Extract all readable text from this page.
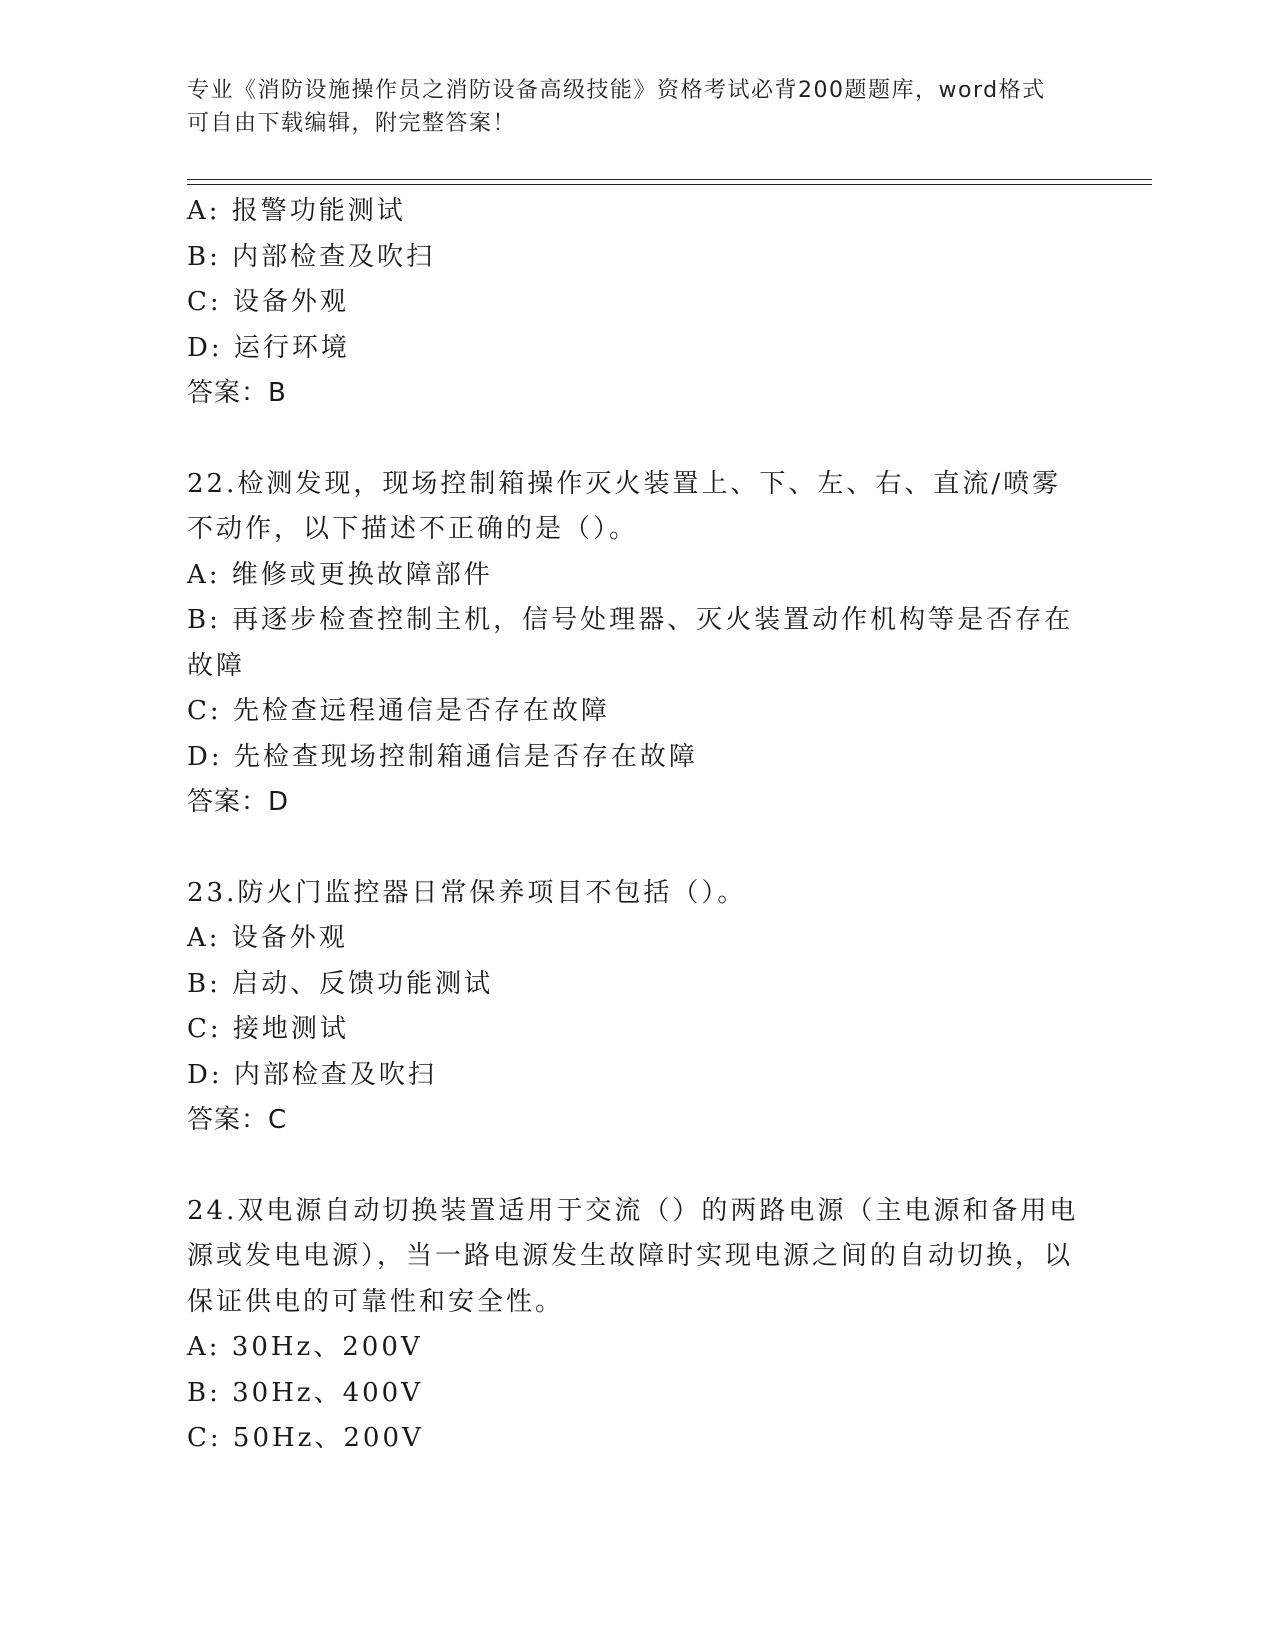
专业《消防设施操作员之消防设备高级技能》资格考试必背200题题库，word格式可自由下载编辑，附完整答案！
A: 报警功能测试
B: 内部检查及吹扫
C: 设备外观
D: 运行环境
答案：B
22.检测发现，现场控制箱操作灭火装置上、下、左、右、直流/喷雾不动作，以下描述不正确的是（）。
A: 维修或更换故障部件
B: 再逐步检查控制主机，信号处理器、灭火装置动作机构等是否存在故障
C: 先检查远程通信是否存在故障
D: 先检查现场控制箱通信是否存在故障
答案：D
23.防火门监控器日常保养项目不包括（）。
A: 设备外观
B: 启动、反馈功能测试
C: 接地测试
D: 内部检查及吹扫
答案：C
24.双电源自动切换装置适用于交流（）的两路电源（主电源和备用电源或发电电源），当一路电源发生故障时实现电源之间的自动切换，以保证供电的可靠性和安全性。
A: 30Hz、200V
B: 30Hz、400V
C: 50Hz、200V
